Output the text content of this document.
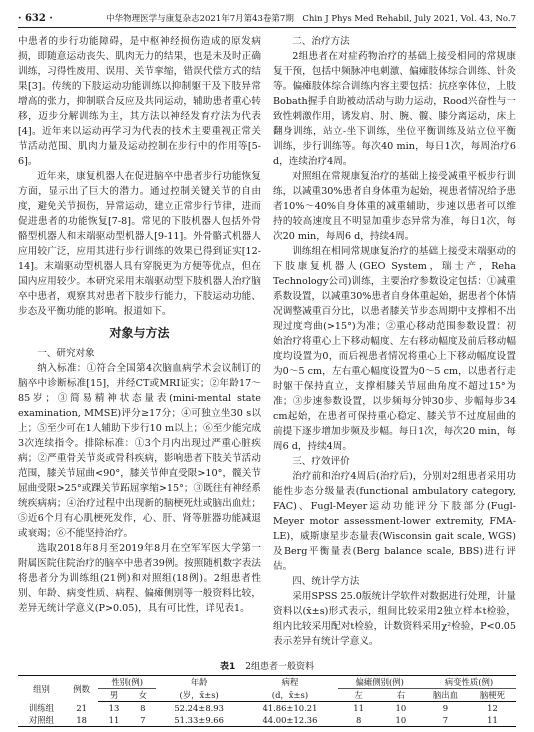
· 632 ·	中华物理医学与康复杂志2021年7月第43卷第7期　Chin J Phys Med Rehabil, July 2021, Vol. 43, No.7

中患者的步行功能障碍，是中枢神经损伤造成的原发病损，即随意运动丧失、肌肉无力的结果，也是未及时正确训练，习得性废用、误用、关节挛缩，错误代偿方式的结果[3]。传统的下肢运动功能训练以抑制躯干及下肢异常增高的张力，抑制联合反应及共同运动，辅助患者重心转移，迈步分解训练为主，其方法以神经发育疗法为代表[4]。近年来以运动再学习为代表的技术主要重视正常关节活动范围、肌肉力量及运动控制在步行中的作用等[5-6]。

近年来，康复机器人在促进脑卒中患者步行功能恢复方面，显示出了巨大的潜力。通过控制关键关节的自由度，避免关节损伤，异常运动，建立正常步行节律，进而促进患者的功能恢复[7-8]。常见的下肢机器人包括外骨骼型机器人和末端驱动型机器人[9-11]。外骨骼式机器人应用较广泛，应用其进行步行训练的效果已得到证实[12-14]。末端驱动型机器人具有穿脱更为方便等优点，但在国内应用较少。本研究采用末端驱动型下肢机器人治疗脑卒中患者，观察其对患者下肢步行能力，下肢运动功能、步态及平衡功能的影响。报道如下。

对象与方法

一、研究对象

纳入标准：①符合全国第4次脑血病学术会议制订的脑卒中诊断标准[15]，并经CT或MRI证实；②年龄17～85岁；③简易精神状态量表(mini-mental state examination, MMSE)评分≥17分；④可独立坐30 s以上；⑤至少可在1人辅助下步行10 m以上；⑥至少能完成3次连续指令。排除标准：①3个月内出现过严重心脏疾病；②严重骨关节炎或骨科疾病，影响患者下肢关节活动范围，膝关节屈曲<90°，膝关节伸直受限>10°，髋关节屈曲受限>25°或踝关节跖屈挛缩>15°；③既往有神经系统疾病病；④治疗过程中出现新的脑梗死灶或脑出血灶；⑤近6个月有心肌梗死发作，心、肝、肾等脏器功能减退或衰竭；⑥不能坚持治疗。

选取2018年8月至2019年8月在空军军医大学第一附属医院住院治疗的脑卒中患者39例。按照随机数字表法将患者分为训练组(21例)和对照组(18例)。2组患者性别、年龄、病变性质、病程、偏瘫侧别等一般资料比较，差异无统计学意义(P>0.05)，具有可比性，详见表1。

二、治疗方法

2组患者在对症药物治疗的基础上接受相同的常规康复干预，包括中频脉冲电刺激、偏瘫肢体综合训练、针灸等。偏瘫肢体综合训练内容主要包括：抗痉挛体位，上肢Bobath握手自助被动活动与助力运动，Rood兴奋性与一致性刺激作用，诱发肩、肘、腕、髋、膝分离运动，床上翻身训练，站立-坐下训练，坐位平衡训练及站立位平衡训练，步行训练等。每次40 min，每日1次，每周治疗6 d，连续治疗4周。

对照组在常规康复治疗的基础上接受减重平板步行训练，以减重30%患者自身体重为起始，视患者情况给予患者10%～40%自身体重的减重辅助，步速以患者可以维持的较高速度且不明显加重步态异常为准，每日1次，每次20 min，每周6 d，持续4周。

训练组在相同常规康复治疗的基础上接受末端驱动的下肢康复机器人(GEO System，瑞士产，Reha Technology公司)训练，主要治疗参数设定包括：①减重系数设置，以减重30%患者自身体重起始，据患者个体情况调整减重百分比，以患者膝关节步态周期中支撑相不出现过度弯曲(>15°)为准；②重心移动范围参数设置：初始治疗将重心上下移动幅度、左右移动幅度及前后移动幅度均设置为0，而后视患者情况将重心上下移动幅度设置为0～5 cm，左右重心幅度设置为0～5 cm，以患者行走时躯干保持直立，支撑相膝关节屈曲角度不超过15°为准；③步速参数设置，以步频每分钟30步、步幅每步34 cm起始，在患者可保持重心稳定、膝关节不过度屈曲的前提下逐步增加步频及步幅。每日1次，每次20 min，每周6 d，持续4周。

三、疗效评价

治疗前和治疗4周后(治疗后)，分别对2组患者采用功能性步态分级量表(functional ambulatory category, FAC)、Fugl-Meyer运动功能评分下肢部分(Fugl-Meyer motor assessment-lower extremity, FMA-LE)，威斯康星步态量表(Wisconsin gait scale, WGS)及Berg平衡量表(Berg balance scale, BBS)进行评估。

四、统计学方法

采用SPSS 25.0版统计学软件对数据进行处理，计量资料以(x̄±s)形式表示，组间比较采用2独立样本t检验，组内比较采用配对t检验，计数资料采用χ²检验，P<0.05表示差异有统计学意义。

表1 2组患者一般资料
组别	例数	性别(例)		年龄	病程	偏瘫侧别(例)		病变性质(例)	
		男	女	(岁，x̄±s)	(d，x̄±s)	左	右	脑出血	脑梗死
训练组	21	13	8	52.24±8.93	41.86±10.21	11	10	9	12
对照组	18	11	7	51.33±9.66	44.00±12.36	8	10	7	11
